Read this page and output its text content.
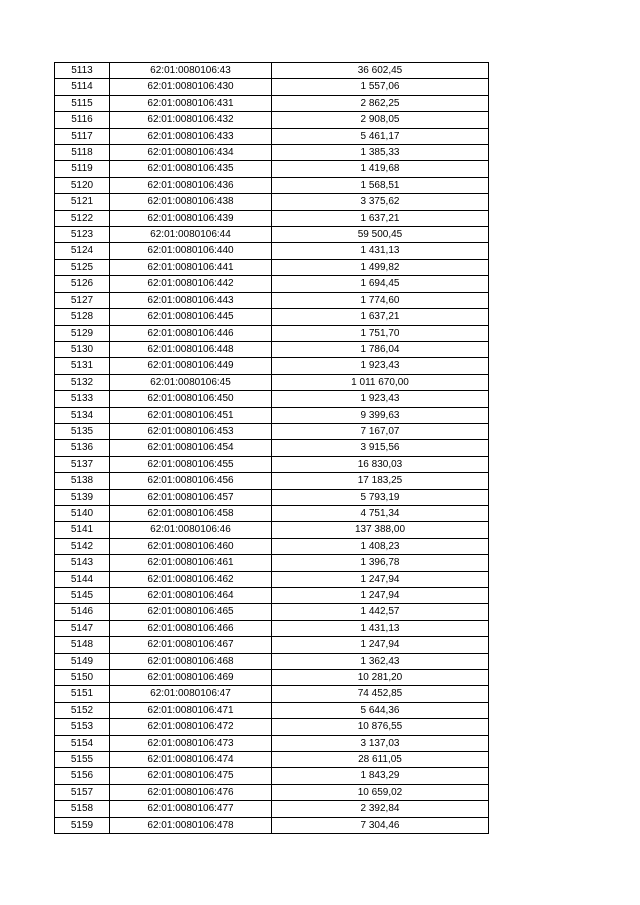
5113	62:01:0080106:43	36 602,45
5114	62:01:0080106:430	1 557,06
5115	62:01:0080106:431	2 862,25
5116	62:01:0080106:432	2 908,05
5117	62:01:0080106:433	5 461,17
5118	62:01:0080106:434	1 385,33
5119	62:01:0080106:435	1 419,68
5120	62:01:0080106:436	1 568,51
5121	62:01:0080106:438	3 375,62
5122	62:01:0080106:439	1 637,21
5123	62:01:0080106:44	59 500,45
5124	62:01:0080106:440	1 431,13
5125	62:01:0080106:441	1 499,82
5126	62:01:0080106:442	1 694,45
5127	62:01:0080106:443	1 774,60
5128	62:01:0080106:445	1 637,21
5129	62:01:0080106:446	1 751,70
5130	62:01:0080106:448	1 786,04
5131	62:01:0080106:449	1 923,43
5132	62:01:0080106:45	1 011 670,00
5133	62:01:0080106:450	1 923,43
5134	62:01:0080106:451	9 399,63
5135	62:01:0080106:453	7 167,07
5136	62:01:0080106:454	3 915,56
5137	62:01:0080106:455	16 830,03
5138	62:01:0080106:456	17 183,25
5139	62:01:0080106:457	5 793,19
5140	62:01:0080106:458	4 751,34
5141	62:01:0080106:46	137 388,00
5142	62:01:0080106:460	1 408,23
5143	62:01:0080106:461	1 396,78
5144	62:01:0080106:462	1 247,94
5145	62:01:0080106:464	1 247,94
5146	62:01:0080106:465	1 442,57
5147	62:01:0080106:466	1 431,13
5148	62:01:0080106:467	1 247,94
5149	62:01:0080106:468	1 362,43
5150	62:01:0080106:469	10 281,20
5151	62:01:0080106:47	74 452,85
5152	62:01:0080106:471	5 644,36
5153	62:01:0080106:472	10 876,55
5154	62:01:0080106:473	3 137,03
5155	62:01:0080106:474	28 611,05
5156	62:01:0080106:475	1 843,29
5157	62:01:0080106:476	10 659,02
5158	62:01:0080106:477	2 392,84
5159	62:01:0080106:478	7 304,46
